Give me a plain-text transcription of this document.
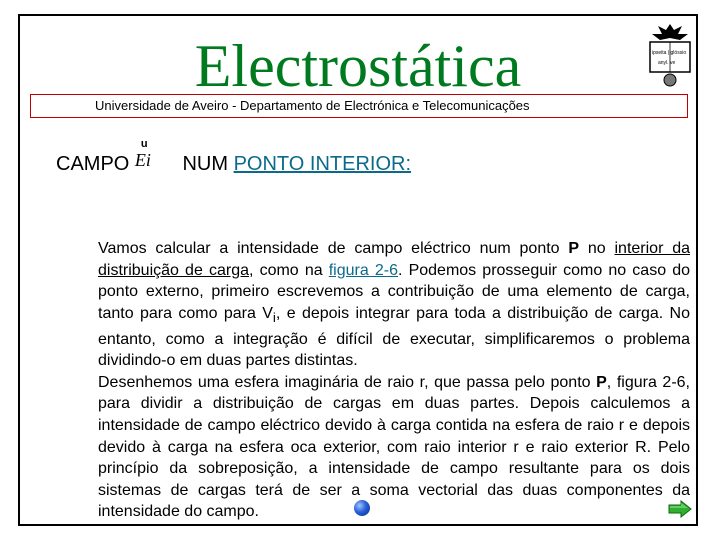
Electrostática	ipseita | glóssio
anyl. ve
Universidade de Aveiro - Departamento de Electrónica e Telecomunicações
CAMPO
u
Ei NUM PONTO INTERIOR:

Vamos calcular a intensidade de campo eléctrico num ponto P no interior da distribuição de carga, como na figura 2-6. Podemos prosseguir como no caso do ponto externo, primeiro escrevemos a contribuição de uma elemento de carga, tanto para como para $V_i$, e depois integrar para toda a distribuição de carga. No entanto, como a integração é difícil de executar, simplificaremos o problema dividindo-o em duas partes distintas.

Desenhemos uma esfera imaginária de raio r, que passa pelo ponto P, figura 2-6, para dividir a distribuição de cargas em duas partes. Depois calculemos a intensidade de campo eléctrico devido à carga contida na esfera de raio r e depois devido à carga na esfera oca exterior, com raio interior r e raio exterior R. Pelo princípio da sobreposição, a intensidade de campo resultante para os dois sistemas de cargas terá de ser a soma vectorial das duas componentes da intensidade do campo.
